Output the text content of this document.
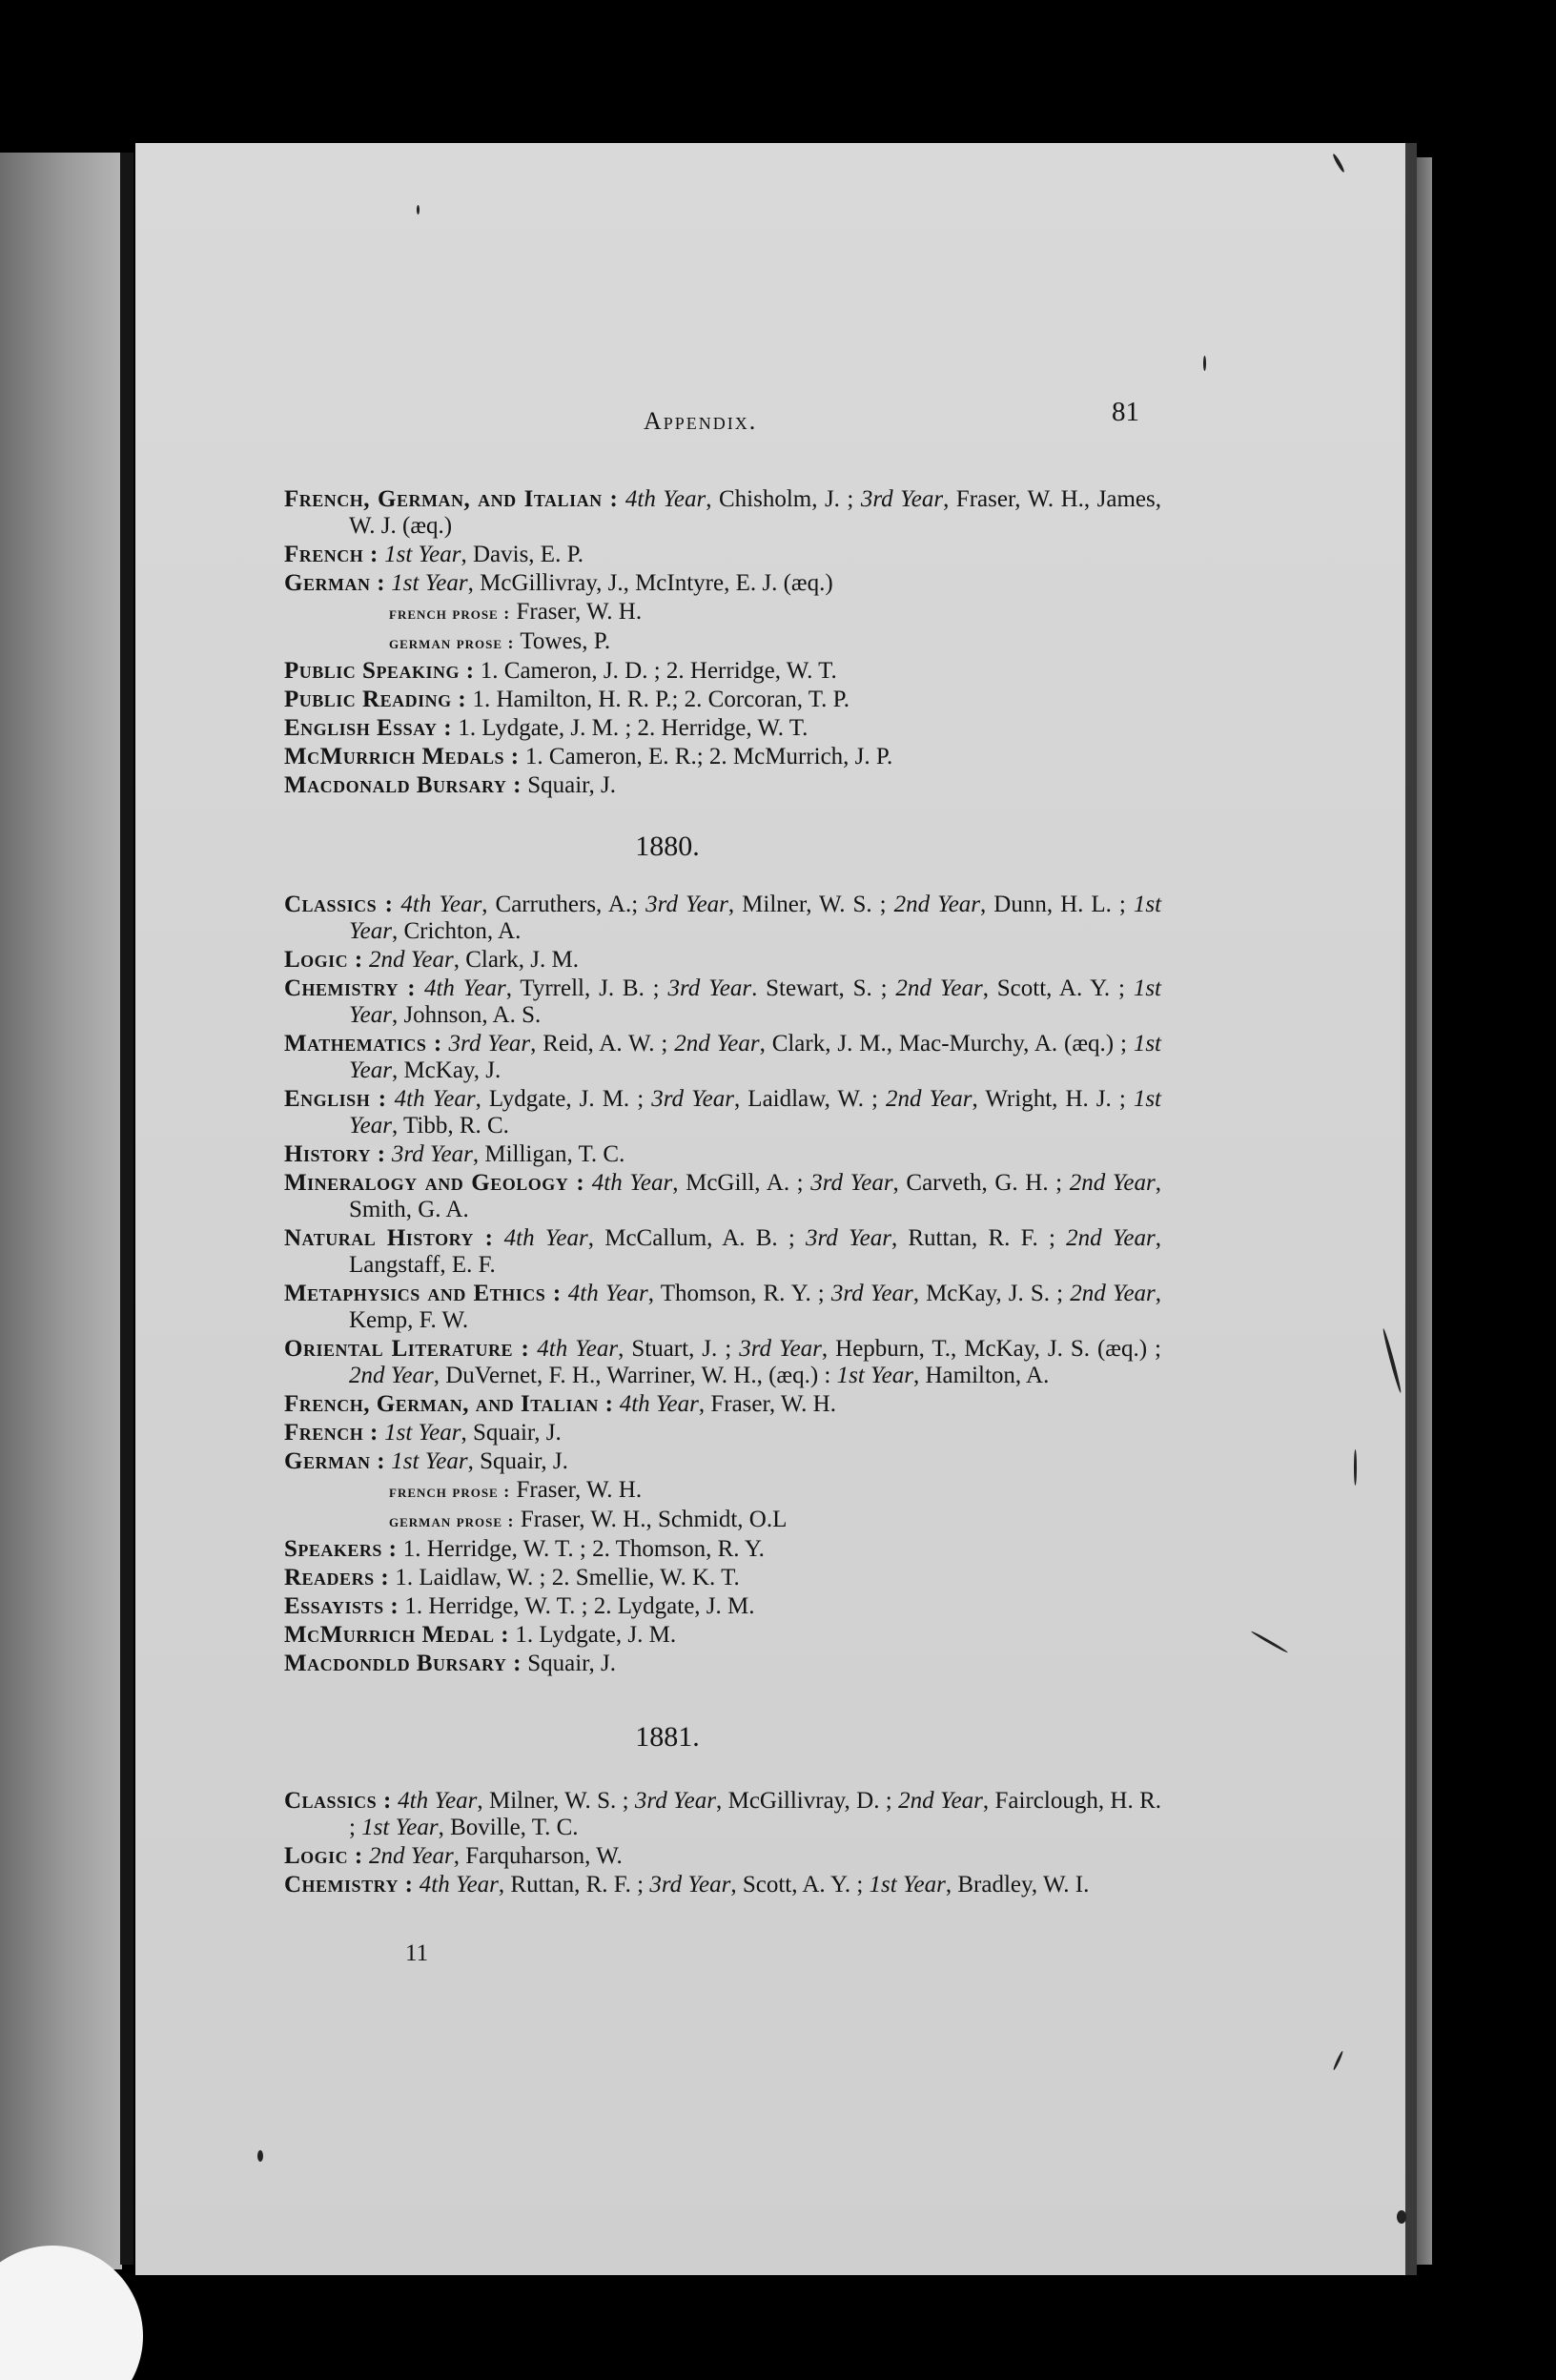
Appendix.	81

French, German, and Italian : 4th Year, Chisholm, J. ; 3rd Year, Fraser, W. H., James, W. J. (æq.)

French : 1st Year, Davis, E. P.

German : 1st Year, McGillivray, J., McIntyre, E. J. (æq.)

french prose : Fraser, W. H.

german prose : Towes, P.

Public Speaking : 1. Cameron, J. D. ; 2. Herridge, W. T.

Public Reading : 1. Hamilton, H. R. P.; 2. Corcoran, T. P.

English Essay : 1. Lydgate, J. M. ; 2. Herridge, W. T.

McMurrich Medals : 1. Cameron, E. R.; 2. McMurrich, J. P.

Macdonald Bursary : Squair, J.

1880.

Classics : 4th Year, Carruthers, A.; 3rd Year, Milner, W. S. ; 2nd Year, Dunn, H. L. ; 1st Year, Crichton, A.

Logic : 2nd Year, Clark, J. M.

Chemistry : 4th Year, Tyrrell, J. B. ; 3rd Year. Stewart, S. ; 2nd Year, Scott, A. Y. ; 1st Year, Johnson, A. S.

Mathematics : 3rd Year, Reid, A. W. ; 2nd Year, Clark, J. M., Mac-Murchy, A. (æq.) ; 1st Year, McKay, J.

English : 4th Year, Lydgate, J. M. ; 3rd Year, Laidlaw, W. ; 2nd Year, Wright, H. J. ; 1st Year, Tibb, R. C.

History : 3rd Year, Milligan, T. C.

Mineralogy and Geology : 4th Year, McGill, A. ; 3rd Year, Carveth, G. H. ; 2nd Year, Smith, G. A.

Natural History : 4th Year, McCallum, A. B. ; 3rd Year, Ruttan, R. F. ; 2nd Year, Langstaff, E. F.

Metaphysics and Ethics : 4th Year, Thomson, R. Y. ; 3rd Year, McKay, J. S. ; 2nd Year, Kemp, F. W.

Oriental Literature : 4th Year, Stuart, J. ; 3rd Year, Hepburn, T., McKay, J. S. (æq.) ; 2nd Year, DuVernet, F. H., Warriner, W. H., (æq.) : 1st Year, Hamilton, A.

French, German, and Italian : 4th Year, Fraser, W. H.

French : 1st Year, Squair, J.

German : 1st Year, Squair, J.

french prose : Fraser, W. H.

german prose : Fraser, W. H., Schmidt, O.L

Speakers : 1. Herridge, W. T. ; 2. Thomson, R. Y.

Readers : 1. Laidlaw, W. ; 2. Smellie, W. K. T.

Essayists : 1. Herridge, W. T. ; 2. Lydgate, J. M.

McMurrich Medal : 1. Lydgate, J. M.

Macdondld Bursary : Squair, J.

1881.

Classics : 4th Year, Milner, W. S. ; 3rd Year, McGillivray, D. ; 2nd Year, Fairclough, H. R. ; 1st Year, Boville, T. C.

Logic : 2nd Year, Farquharson, W.

Chemistry : 4th Year, Ruttan, R. F. ; 3rd Year, Scott, A. Y. ; 1st Year, Bradley, W. I.

11
